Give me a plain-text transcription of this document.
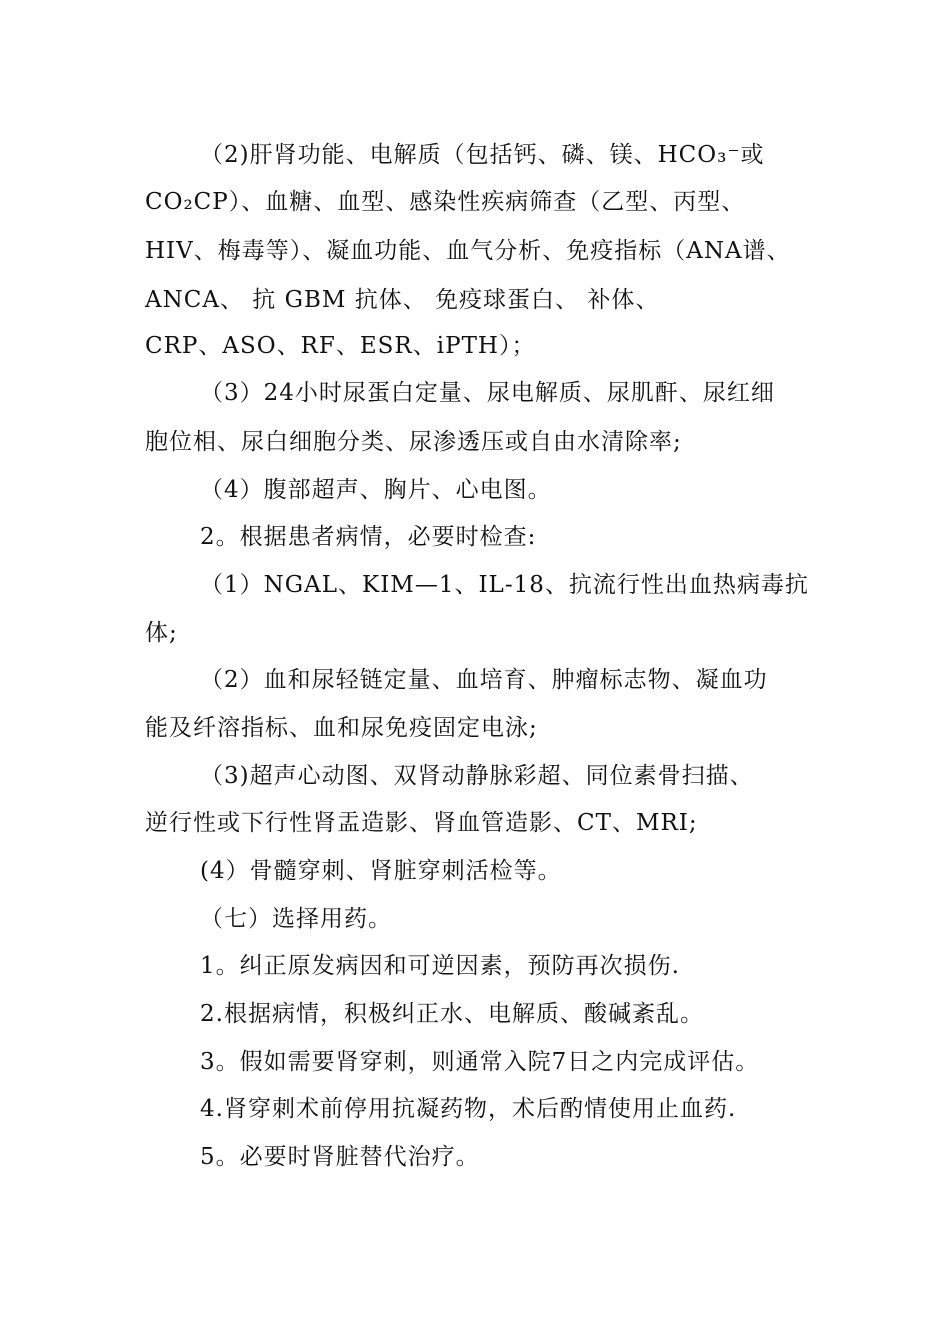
（2)肝肾功能、电解质（包括钙、磷、镁、HCO₃⁻或
CO₂CP）、血糖、血型、感染性疾病筛查（乙型、丙型、
HIV、梅毒等）、凝血功能、血气分析、免疫指标（ANA谱、
ANCA、 抗 GBM 抗体、 免疫球蛋白、 补体、
CRP、ASO、RF、ESR、iPTH）；
（3）24小时尿蛋白定量、尿电解质、尿肌酐、尿红细
胞位相、尿白细胞分类、尿渗透压或自由水清除率;
（4）腹部超声、胸片、心电图。
2。根据患者病情，必要时检查:
（1）NGAL、KIM—1、IL-18、抗流行性出血热病毒抗
体;
（2）血和尿轻链定量、血培育、肿瘤标志物、凝血功
能及纤溶指标、血和尿免疫固定电泳;
（3)超声心动图、双肾动静脉彩超、同位素骨扫描、
逆行性或下行性肾盂造影、肾血管造影、CT、MRI;
(4）骨髓穿刺、肾脏穿刺活检等。
（七）选择用药。
1。纠正原发病因和可逆因素，预防再次损伤.
2.根据病情，积极纠正水、电解质、酸碱紊乱。
3。假如需要肾穿刺，则通常入院7日之内完成评估。
4.肾穿刺术前停用抗凝药物，术后酌情使用止血药.
5。必要时肾脏替代治疗。
